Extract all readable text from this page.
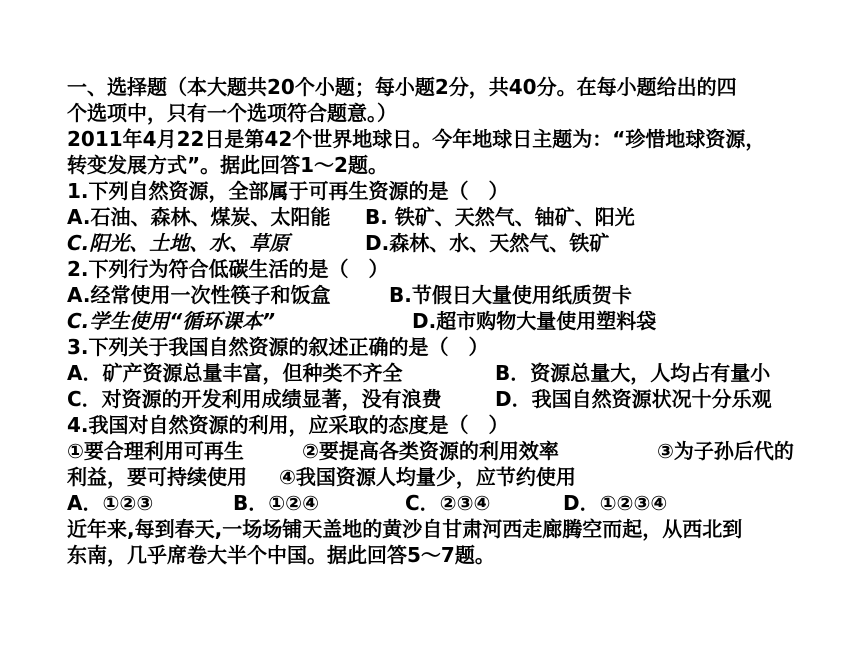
一、选择题（本大题共20个小题；每小题2分，共40分。在每小题给出的四
个选项中，只有一个选项符合题意。）
2011年4月22日是第42个世界地球日。今年地球日主题为：“珍惜地球资源，
转变发展方式”。据此回答1～2题。
1.下列自然资源，全部属于可再生资源的是（　）
A.石油、森林、煤炭、太阳能 B. 铁矿、天然气、铀矿、阳光
C.阳光、土地、水、草原	D.森林、水、天然气、铁矿
2.下列行为符合低碳生活的是（　）
A.经常使用一次性筷子和饭盒	B.节假日大量使用纸质贺卡
C.学生使用“循环课本”	D.超市购物大量使用塑料袋
3.下列关于我国自然资源的叙述正确的是（　）
A．矿产资源总量丰富，但种类不齐全	B．资源总量大，人均占有量小
C．对资源的开发利用成绩显著，没有浪费	D．我国自然资源状况十分乐观
4.我国对自然资源的利用，应采取的态度是（　）
①要合理利用可再生	②要提高各类资源的利用效率	③为子孙后代的
利益，要可持续使用 ④我国资源人均量少，应节约使用
A．①②③	B．①②④	C．②③④	D．①②③④
近年来,每到春天,一场场铺天盖地的黄沙自甘肃河西走廊腾空而起，从西北到
东南，几乎席卷大半个中国。据此回答5～7题。
